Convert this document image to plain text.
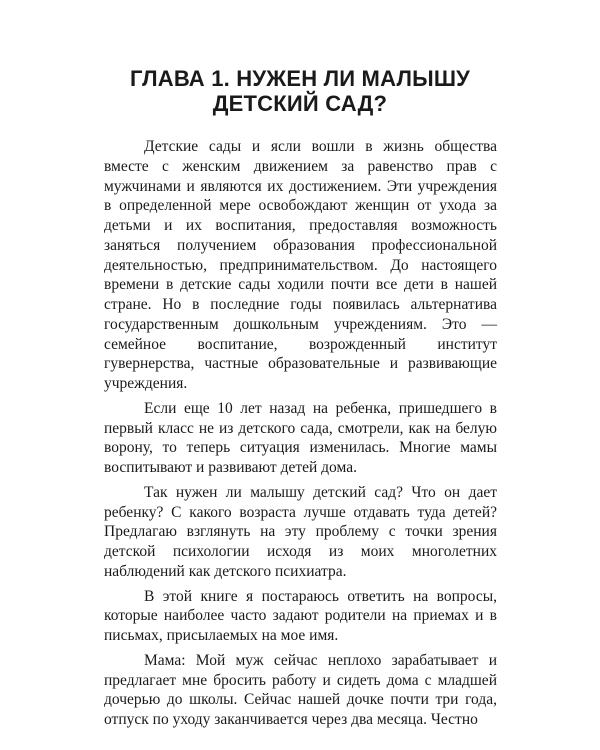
ГЛАВА 1. НУЖЕН ЛИ МАЛЫШУ
ДЕТСКИЙ САД?

Детские сады и ясли вошли в жизнь общества вместе с женским движением за равенство прав с мужчинами и являются их достижением. Эти учреждения в определенной мере освобождают женщин от ухода за детьми и их воспитания, предоставляя возможность заняться получением образования профессиональной деятельностью, предпринимательством. До настоящего времени в детские сады ходили почти все дети в нашей стране. Но в последние годы появилась альтернатива государственным дошкольным учреждениям. Это — семейное воспитание, возрожденный институт гувернерства, частные образовательные и развивающие учреждения.

Если еще 10 лет назад на ребенка, пришедшего в первый класс не из детского сада, смотрели, как на белую ворону, то теперь ситуация изменилась. Многие мамы воспитывают и развивают детей дома.

Так нужен ли малышу детский сад? Что он дает ребенку? С какого возраста лучше отдавать туда детей? Предлагаю взглянуть на эту проблему с точки зрения детской психологии исходя из моих многолетних наблюдений как детского психиатра.

В этой книге я постараюсь ответить на вопросы, которые наиболее часто задают родители на приемах и в письмах, присылаемых на мое имя.

Мама: Мой муж сейчас неплохо зарабатывает и предлагает мне бросить работу и сидеть дома с младшей дочерью до школы. Сейчас нашей дочке почти три года, отпуск по уходу заканчивается через два месяца. Честно
